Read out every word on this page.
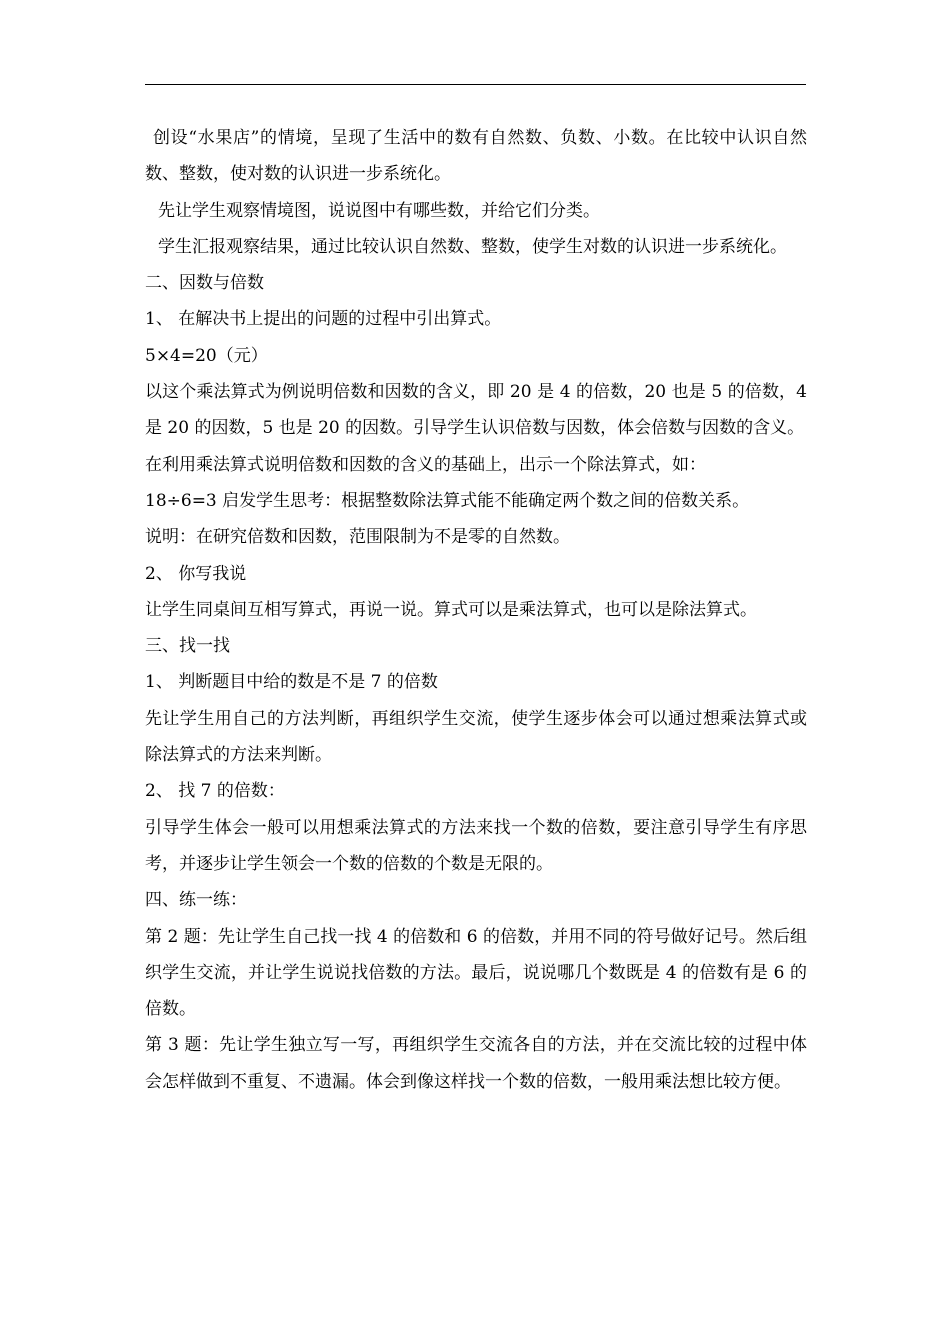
创设“水果店”的情境，呈现了生活中的数有自然数、负数、小数。在比较中认识自然数、整数，使对数的认识进一步系统化。

先让学生观察情境图，说说图中有哪些数，并给它们分类。

学生汇报观察结果，通过比较认识自然数、整数，使学生对数的认识进一步系统化。

二、因数与倍数

1、 在解决书上提出的问题的过程中引出算式。

5×4=20（元）

以这个乘法算式为例说明倍数和因数的含义，即 20 是 4 的倍数，20 也是 5 的倍数，4 是 20 的因数，5 也是 20 的因数。引导学生认识倍数与因数，体会倍数与因数的含义。

在利用乘法算式说明倍数和因数的含义的基础上，出示一个除法算式，如：

18÷6=3 启发学生思考：根据整数除法算式能不能确定两个数之间的倍数关系。

说明：在研究倍数和因数，范围限制为不是零的自然数。

2、 你写我说

让学生同桌间互相写算式，再说一说。算式可以是乘法算式，也可以是除法算式。

三、找一找

1、 判断题目中给的数是不是 7 的倍数

先让学生用自己的方法判断，再组织学生交流，使学生逐步体会可以通过想乘法算式或除法算式的方法来判断。

2、 找 7 的倍数：

引导学生体会一般可以用想乘法算式的方法来找一个数的倍数，要注意引导学生有序思考，并逐步让学生领会一个数的倍数的个数是无限的。

四、练一练：

第 2 题：先让学生自己找一找 4 的倍数和 6 的倍数，并用不同的符号做好记号。然后组织学生交流，并让学生说说找倍数的方法。最后，说说哪几个数既是 4 的倍数有是 6 的倍数。

第 3 题：先让学生独立写一写，再组织学生交流各自的方法，并在交流比较的过程中体会怎样做到不重复、不遗漏。体会到像这样找一个数的倍数，一般用乘法想比较方便。
